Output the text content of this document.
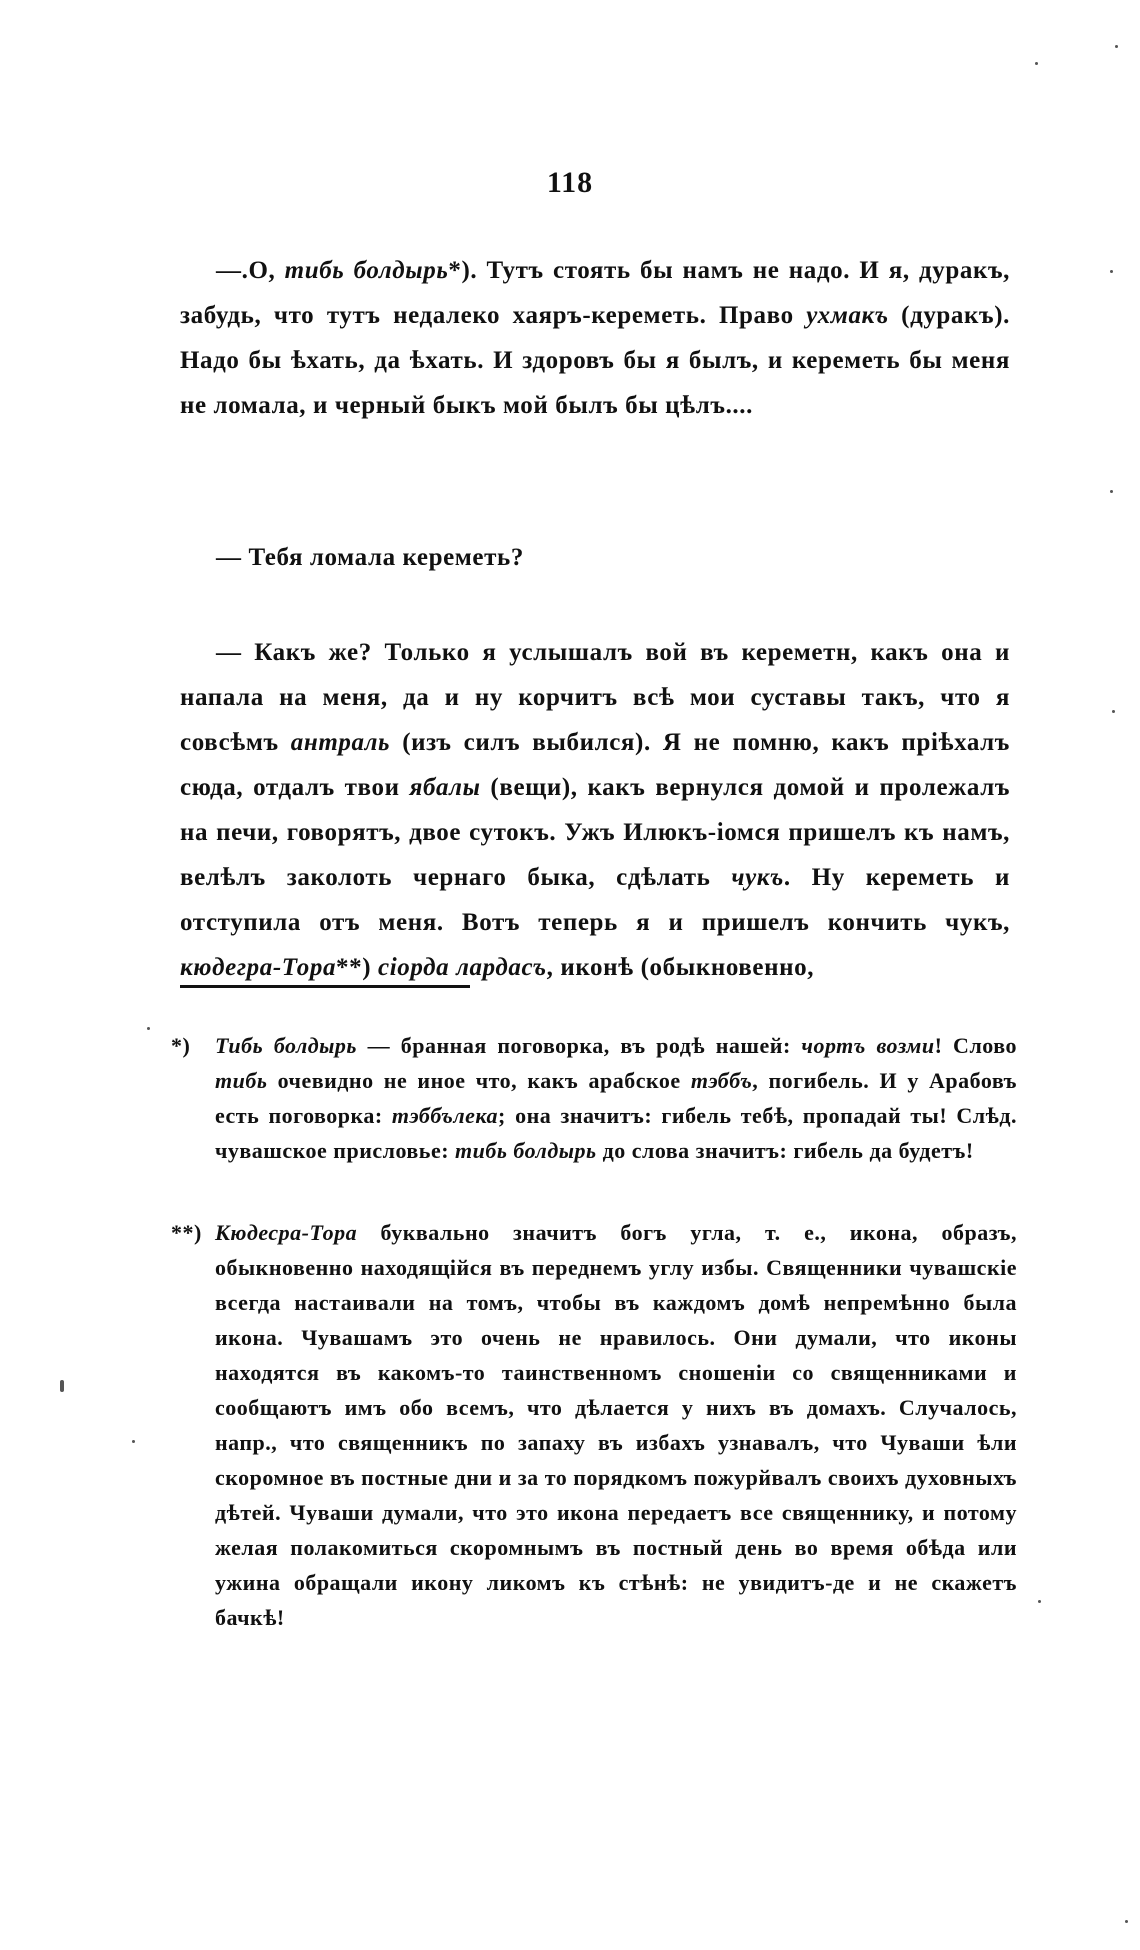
118

—.О, тибь болдырь*). Тутъ стоять бы намъ не надо. И я, дуракъ, забудь, что тутъ недалеко хаяръ-кереметь. Право ухмакъ (дуракъ). Надо бы ѣхать, да ѣхать. И здоровъ бы я былъ, и кереметь бы меня не ломала, и черный быкъ мой былъ бы цѣлъ....

— Тебя ломала кереметь?

— Какъ же? Только я услышалъ вой въ кереметн, какъ она и напала на меня, да и ну корчитъ всѣ мои суставы такъ, что я совсѣмъ антраль (изъ силъ выбился). Я не помню, какъ пріѣхалъ сюда, отдалъ твои ябалы (вещи), какъ вернулся домой и пролежалъ на печи, говорятъ, двое сутокъ. Ужъ Илюкъ-іомся пришелъ къ намъ, велѣлъ заколоть чернаго быка, сдѣлать чукъ. Ну кереметь и отступила отъ меня. Вотъ теперь я и пришелъ кончить чукъ, кюдегра-Тора**) сіорда лардасъ, иконѣ (обыкновенно,

*) Тибь болдырь — бранная поговорка, въ родѣ нашей: чортъ возми! Слово тибь очевидно не иное что, какъ арабское тэббъ, погибель. И у Арабовъ есть поговорка: тэббълека; она значитъ: гибель тебѣ, пропадай ты! Слѣд. чувашское присловье: тибь болдырь до слова значитъ: гибель да будетъ!
**) Кюдесра-Тора буквально значитъ богъ угла, т. е., икона, образъ, обыкновенно находящійся въ переднемъ углу избы. Священники чувашскіе всегда настаивали на томъ, чтобы въ каждомъ домѣ непремѣнно была икона. Чувашамъ это очень не нравилось. Они думали, что иконы находятся въ какомъ-то таинственномъ сношеніи со священниками и сообщаютъ имъ обо всемъ, что дѣлается у нихъ въ домахъ. Случалось, напр., что священникъ по запаху въ избахъ узнавалъ, что Чуваши ѣли скоромное въ постные дни и за то порядкомъ пожурйвалъ своихъ духовныхъ дѣтей. Чуваши думали, что это икона передаетъ все священнику, и потому желая полакомиться скоромнымъ въ постный день во время обѣда или ужина обращали икону ликомъ къ стѣнѣ: не увидитъ-де и не скажетъ бачкѣ!
